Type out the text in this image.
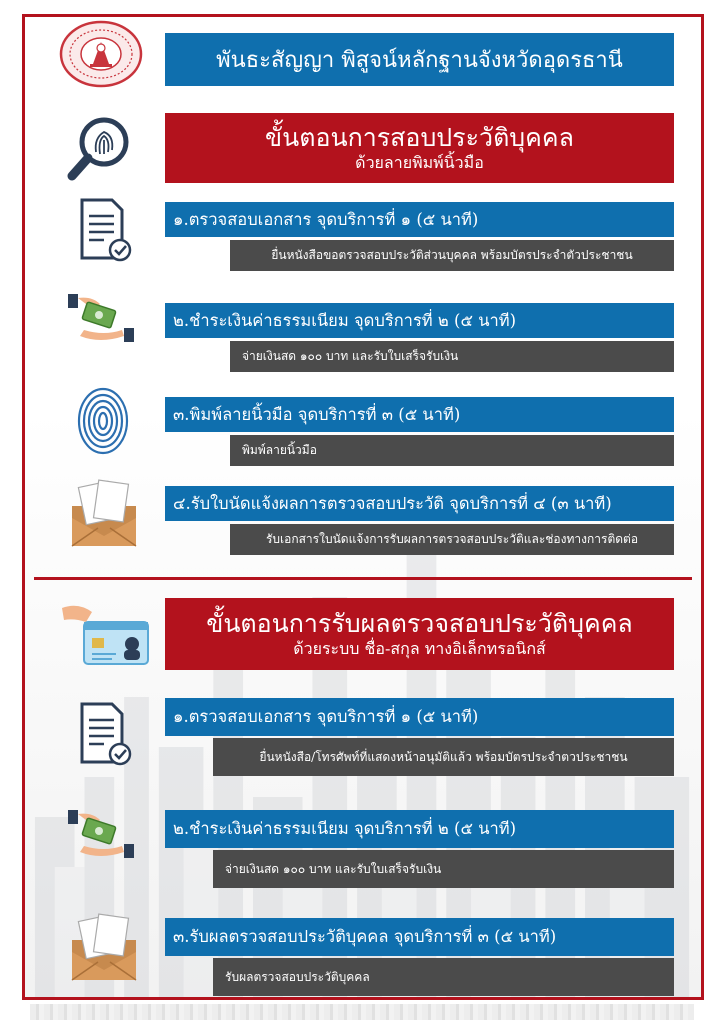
พันธะสัญญา พิสูจน์หลักฐานจังหวัดอุดรธานี
ขั้นตอนการสอบประวัติบุคคล
ด้วยลายพิมพ์นิ้วมือ
๑.ตรวจสอบเอกสาร จุดบริการที่ ๑ (๕ นาที)
ยื่นหนังสือขอตรวจสอบประวัติส่วนบุคคล พร้อมบัตรประจำตัวประชาชน
๒.ชำระเงินค่าธรรมเนียม จุดบริการที่ ๒ (๕ นาที)
จ่ายเงินสด ๑๐๐ บาท และรับใบเสร็จรับเงิน
๓.พิมพ์ลายนิ้วมือ จุดบริการที่ ๓ (๕ นาที)
พิมพ์ลายนิ้วมือ
๔.รับใบนัดแจ้งผลการตรวจสอบประวัติ จุดบริการที่ ๔ (๓ นาที)
รับเอกสารใบนัดแจ้งการรับผลการตรวจสอบประวัติและช่องทางการติดต่อ
ขั้นตอนการรับผลตรวจสอบประวัติบุคคล
ด้วยระบบ ชื่อ-สกุล ทางอิเล็กทรอนิกส์
๑.ตรวจสอบเอกสาร จุดบริการที่ ๑ (๕ นาที)
ยื่นหนังสือ/โทรศัพท์ที่แสดงหน้าอนุมัติแล้ว พร้อมบัตรประจำตวประชาชน
๒.ชำระเงินค่าธรรมเนียม จุดบริการที่ ๒ (๕ นาที)
จ่ายเงินสด ๑๐๐ บาท และรับใบเสร็จรับเงิน
๓.รับผลตรวจสอบประวัติบุคคล จุดบริการที่ ๓ (๕ นาที)
รับผลตรวจสอบประวัติบุคคล
